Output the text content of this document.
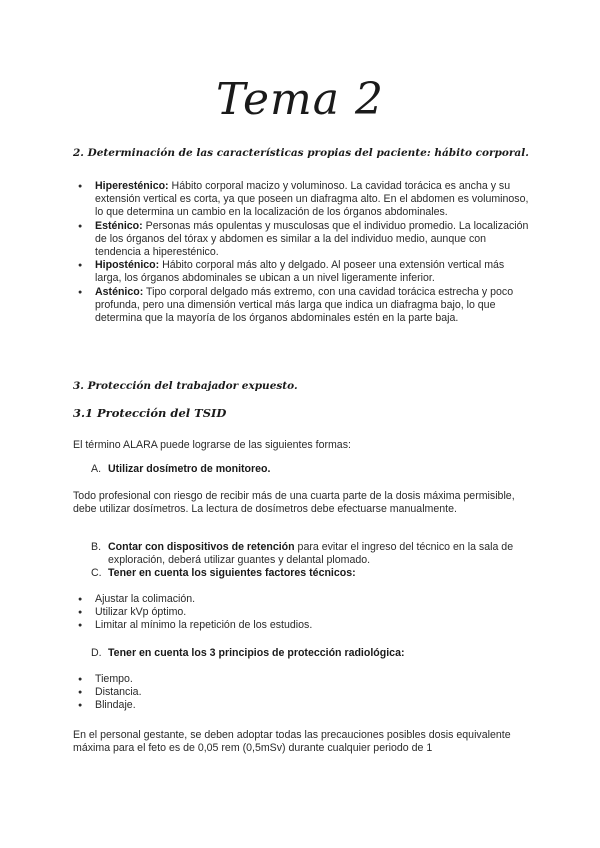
Tema 2
2. Determinación de las características propias del paciente: hábito corporal.
● Hiperesténico: Hábito corporal macizo y voluminoso. La cavidad torácica es ancha y su extensión vertical es corta, ya que poseen un diafragma alto. En el abdomen es voluminoso, lo que determina un cambio en la localización de los órganos abdominales.
● Esténico: Personas más opulentas y musculosas que el individuo promedio. La localización de los órganos del tórax y abdomen es similar a la del individuo medio, aunque con tendencia a hiperesténico.
● Hiposténico: Hábito corporal más alto y delgado. Al poseer una extensión vertical más larga, los órganos abdominales se ubican a un nivel ligeramente inferior.
● Asténico: Tipo corporal delgado más extremo, con una cavidad torácica estrecha y poco profunda, pero una dimensión vertical más larga que indica un diafragma bajo, lo que determina que la mayoría de los órganos abdominales estén en la parte baja.
3. Protección del trabajador expuesto.
3.1 Protección del TSID

El término ALARA puede lograrse de las siguientes formas:

A. Utilizar dosímetro de monitoreo.

Todo profesional con riesgo de recibir más de una cuarta parte de la dosis máxima permisible, debe utilizar dosímetros. La lectura de dosímetros debe efectuarse manualmente.

B. Contar con dispositivos de retención para evitar el ingreso del técnico en la sala de exploración, deberá utilizar guantes y delantal plomado.
C. Tener en cuenta los siguientes factores técnicos:
● Ajustar la colimación.
● Utilizar kVp óptimo.
● Limitar al mínimo la repetición de los estudios.
D. Tener en cuenta los 3 principios de protección radiológica:
● Tiempo.
● Distancia.
● Blindaje.

En el personal gestante, se deben adoptar todas las precauciones posibles dosis equivalente máxima para el feto es de 0,05 rem (0,5mSv) durante cualquier periodo de 1
